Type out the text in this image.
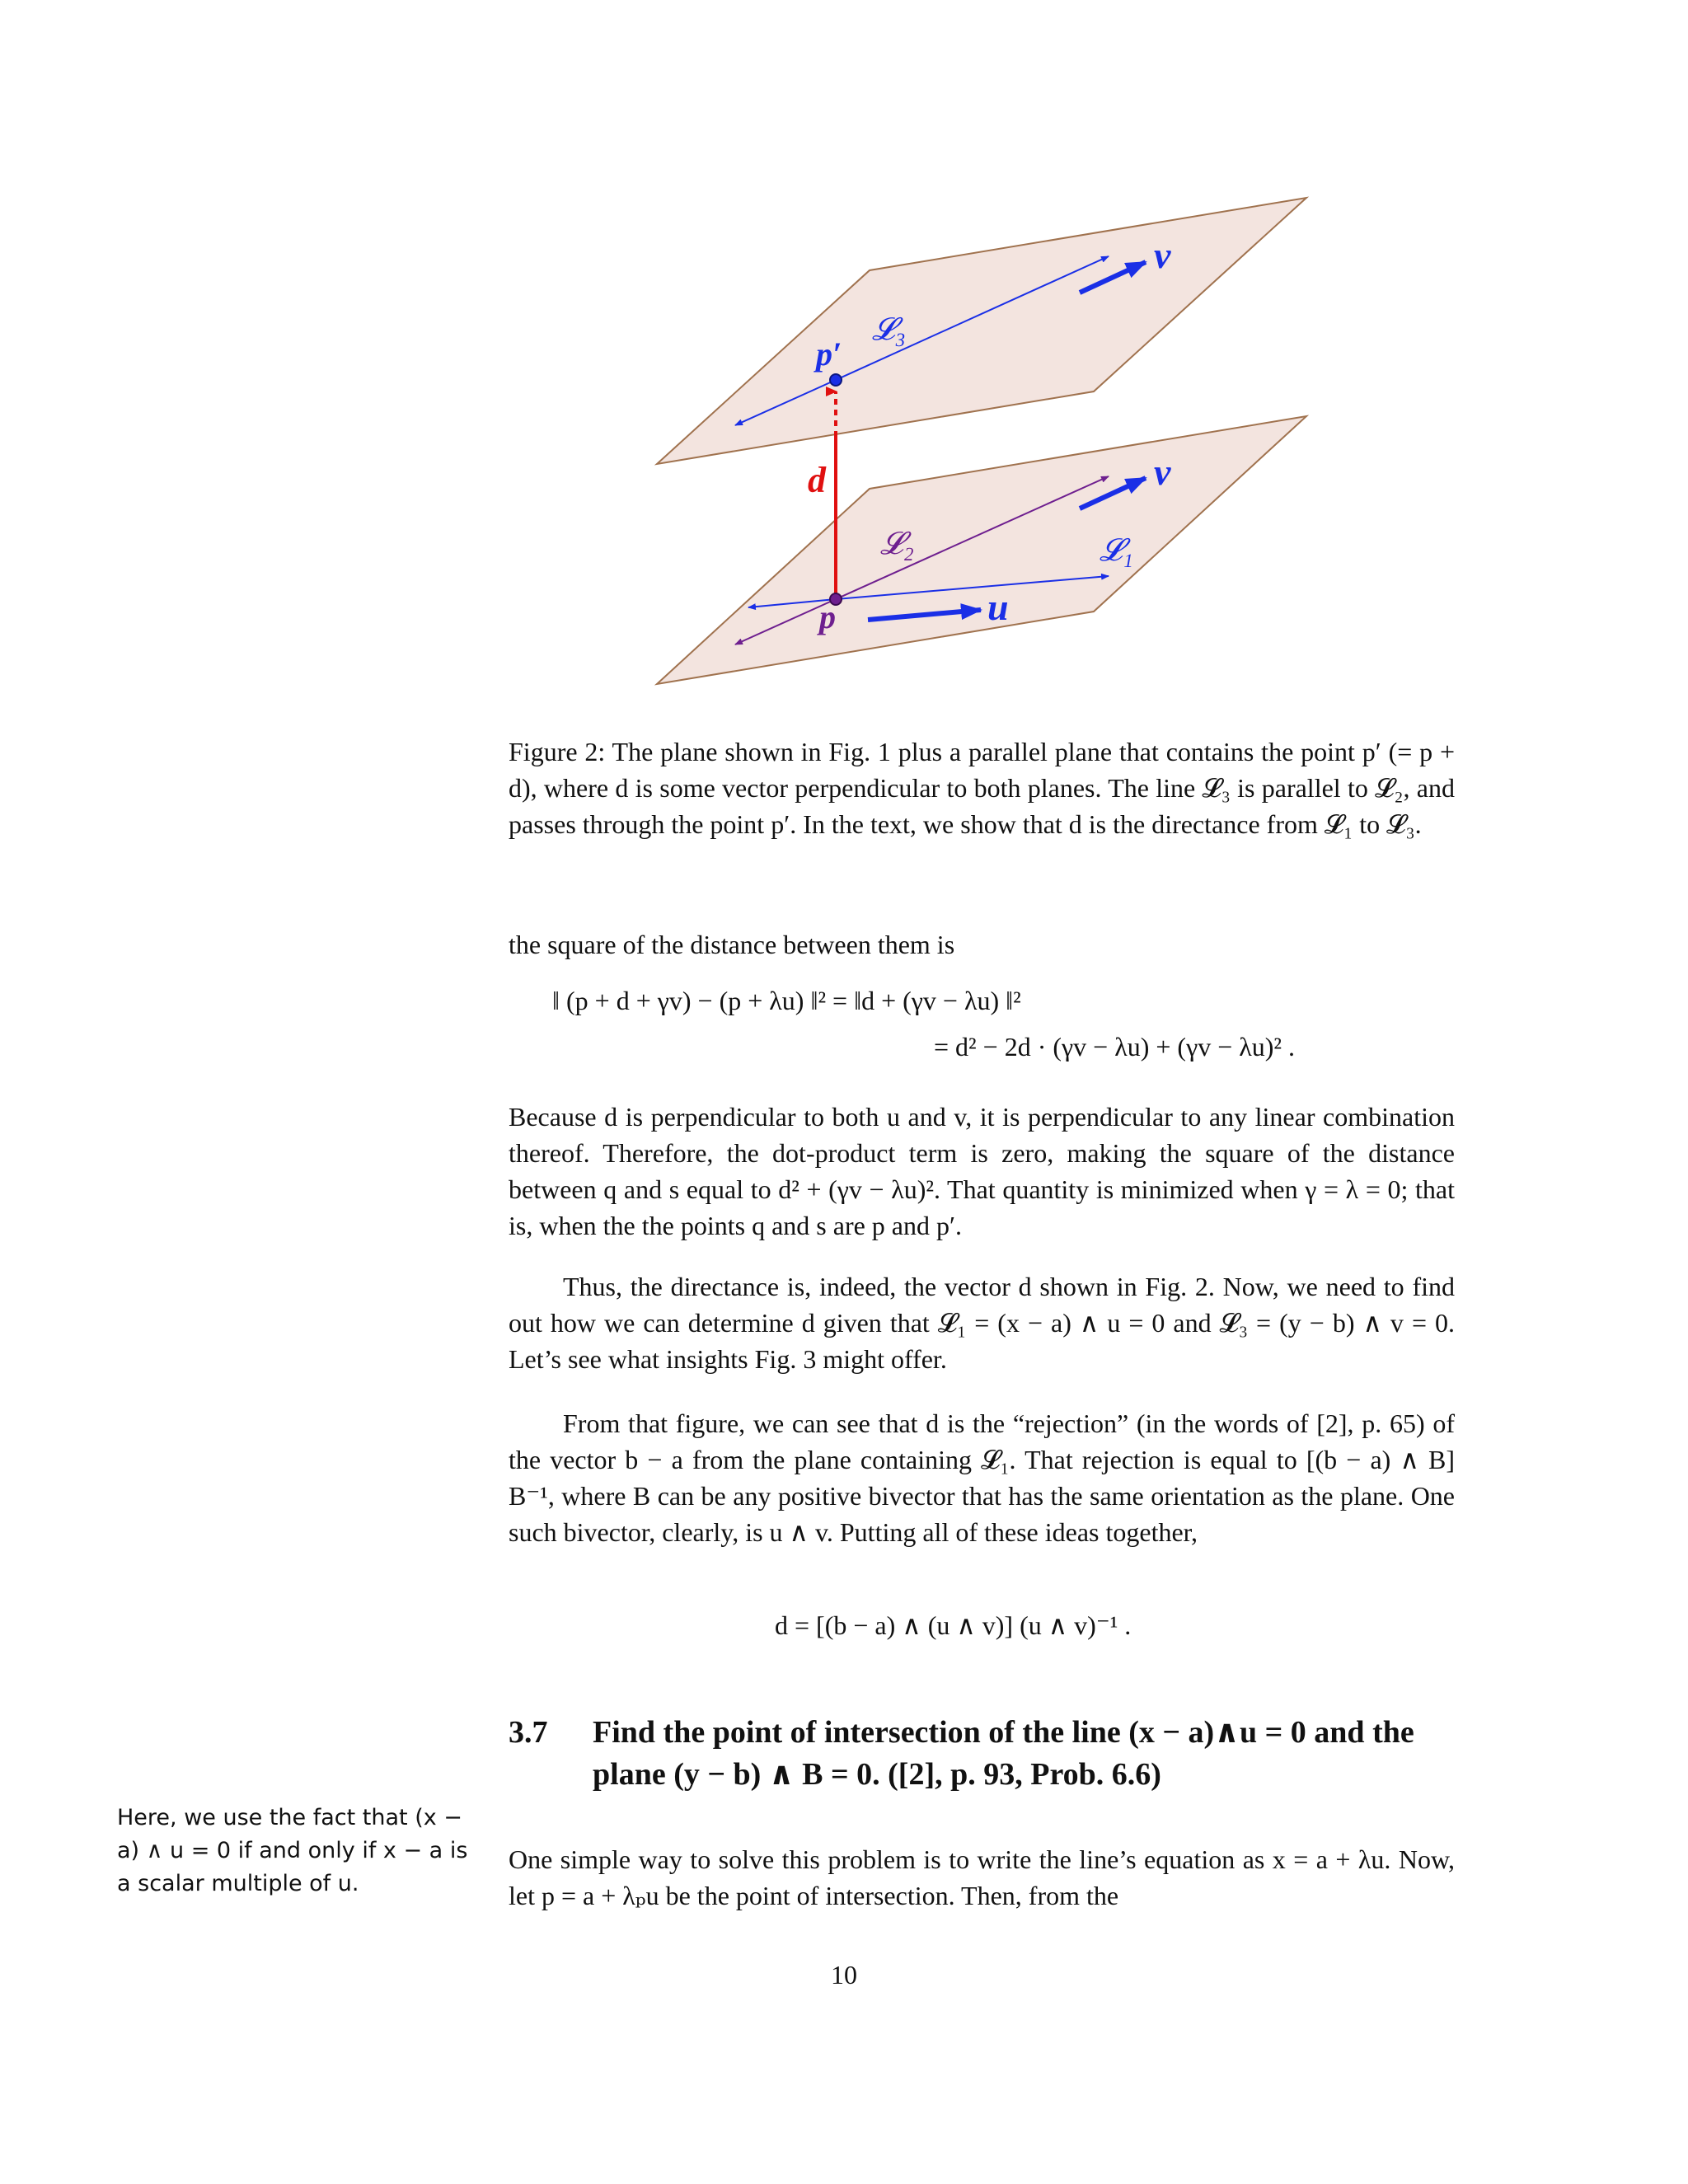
v
𝓛₃
p′
d	v
𝓛₂	𝓛₁
p	u
Figure 2: The plane shown in Fig. 1 plus a parallel plane that contains the point p′ (= p + d), where d is some vector perpendicular to both planes. The line 𝓛₃ is parallel to 𝓛₂, and passes through the point p′. In the text, we show that d is the directance from 𝓛₁ to 𝓛₃.
the square of the distance between them is
‖ (p + d + γv) − (p + λu) ‖² = ‖d + (γv − λu) ‖²
= d² − 2d · (γv − λu) + (γv − λu)² .
Because d is perpendicular to both u and v, it is perpendicular to any linear combination thereof. Therefore, the dot-product term is zero, making the square of the distance between q and s equal to d² + (γv − λu)². That quantity is minimized when γ = λ = 0; that is, when the the points q and s are p and p′.
Thus, the directance is, indeed, the vector d shown in Fig. 2. Now, we need to find out how we can determine d given that 𝓛₁ = (x − a) ∧ u = 0 and 𝓛₃ = (y − b) ∧ v = 0. Let’s see what insights Fig. 3 might offer.
From that figure, we can see that d is the “rejection” (in the words of [2], p. 65) of the vector b − a from the plane containing 𝓛₁. That rejection is equal to [(b − a) ∧ B] B⁻¹, where B can be any positive bivector that has the same orientation as the plane. One such bivector, clearly, is u ∧ v. Putting all of these ideas together,
d = [(b − a) ∧ (u ∧ v)] (u ∧ v)⁻¹ .
3.7 Find the point of intersection of the line (x − a)∧u = 0 and the plane (y − b) ∧ B = 0. ([2], p. 93, Prob. 6.6)
Here, we use the fact that (x − a) ∧ u = 0 if and only if x − a is a scalar multiple of u.
One simple way to solve this problem is to write the line’s equation as x = a + λu. Now, let p = a + λₚu be the point of intersection. Then, from the
10
